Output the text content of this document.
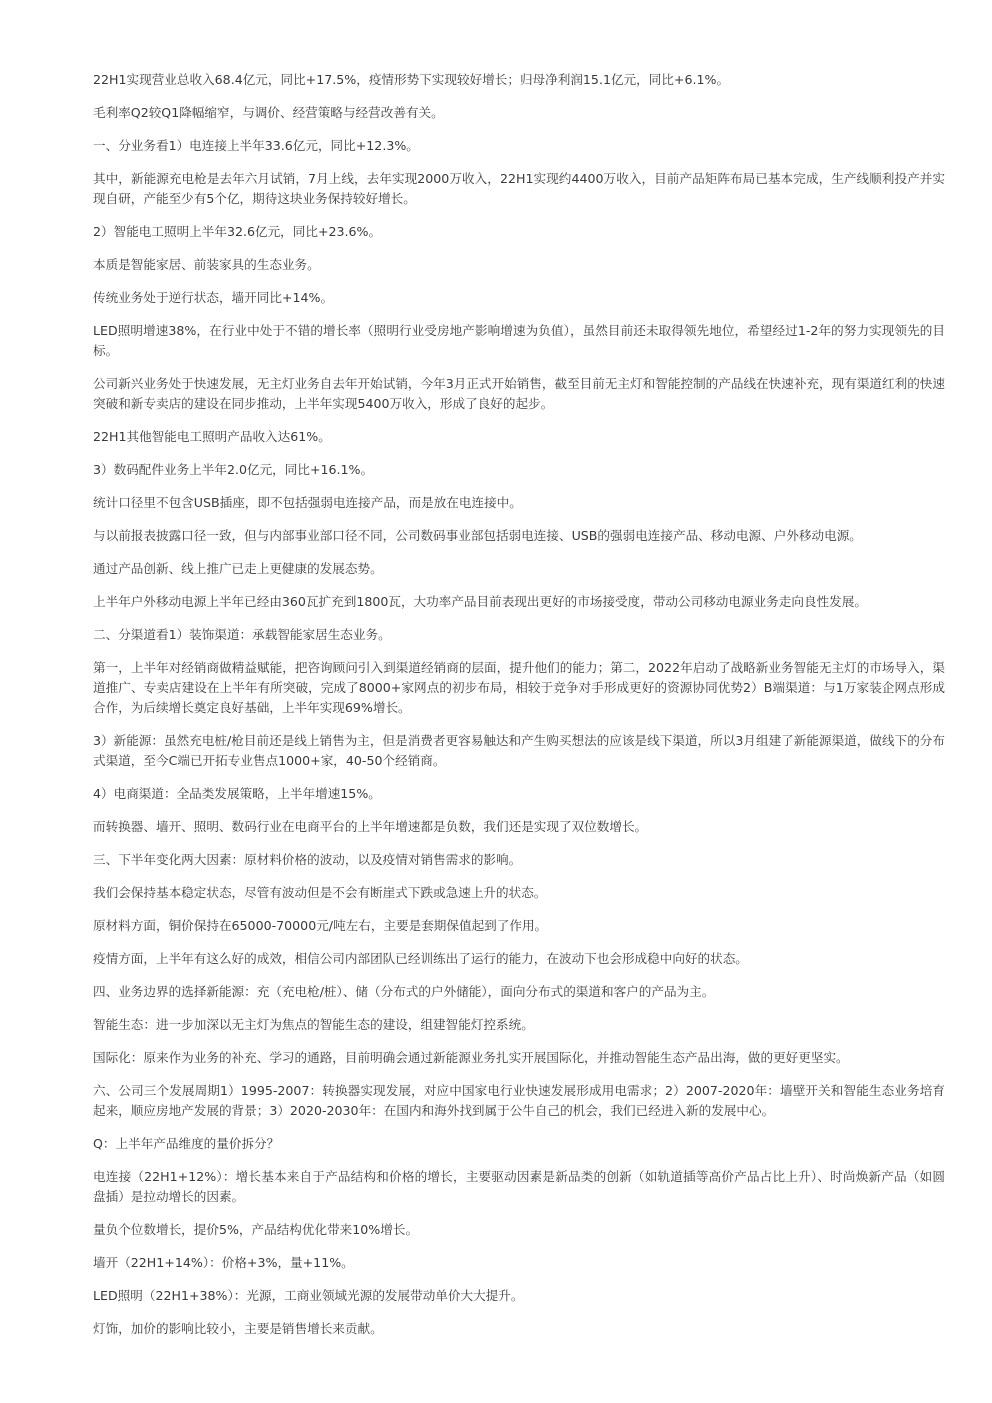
22H1实现营业总收入68.4亿元，同比+17.5%，疫情形势下实现较好增长；归母净利润15.1亿元，同比+6.1%。

毛利率Q2较Q1降幅缩窄，与调价、经营策略与经营改善有关。

一、分业务看1）电连接上半年33.6亿元，同比+12.3%。

其中，新能源充电枪是去年六月试销，7月上线，去年实现2000万收入，22H1实现约4400万收入，目前产品矩阵布局已基本完成，生产线顺利投产并实现自研，产能至少有5个亿，期待这块业务保持较好增长。

2）智能电工照明上半年32.6亿元，同比+23.6%。

本质是智能家居、前装家具的生态业务。

传统业务处于逆行状态，墙开同比+14%。

LED照明增速38%，在行业中处于不错的增长率（照明行业受房地产影响增速为负值），虽然目前还未取得领先地位，希望经过1-2年的努力实现领先的目标。

公司新兴业务处于快速发展，无主灯业务自去年开始试销，今年3月正式开始销售，截至目前无主灯和智能控制的产品线在快速补充，现有渠道红利的快速突破和新专卖店的建设在同步推动，上半年实现5400万收入，形成了良好的起步。

22H1其他智能电工照明产品收入达61%。

3）数码配件业务上半年2.0亿元，同比+16.1%。

统计口径里不包含USB插座，即不包括强弱电连接产品，而是放在电连接中。

与以前报表披露口径一致，但与内部事业部口径不同，公司数码事业部包括弱电连接、USB的强弱电连接产品、移动电源、户外移动电源。

通过产品创新、线上推广已走上更健康的发展态势。

上半年户外移动电源上半年已经由360瓦扩充到1800瓦，大功率产品目前表现出更好的市场接受度，带动公司移动电源业务走向良性发展。

二、分渠道看1）装饰渠道：承载智能家居生态业务。

第一，上半年对经销商做精益赋能，把咨询顾问引入到渠道经销商的层面，提升他们的能力；第二，2022年启动了战略新业务智能无主灯的市场导入，渠道推广、专卖店建设在上半年有所突破，完成了8000+家网点的初步布局，相较于竞争对手形成更好的资源协同优势2）B端渠道：与1万家装企网点形成合作，为后续增长奠定良好基础，上半年实现69%增长。

3）新能源：虽然充电桩/枪目前还是线上销售为主，但是消费者更容易触达和产生购买想法的应该是线下渠道，所以3月组建了新能源渠道，做线下的分布式渠道，至今C端已开拓专业售点1000+家，40-50个经销商。

4）电商渠道：全品类发展策略，上半年增速15%。

而转换器、墙开、照明、数码行业在电商平台的上半年增速都是负数，我们还是实现了双位数增长。

三、下半年变化两大因素：原材料价格的波动，以及疫情对销售需求的影响。

我们会保持基本稳定状态，尽管有波动但是不会有断崖式下跌或急速上升的状态。

原材料方面，铜价保持在65000-70000元/吨左右，主要是套期保值起到了作用。

疫情方面，上半年有这么好的成效，相信公司内部团队已经训练出了运行的能力，在波动下也会形成稳中向好的状态。

四、业务边界的选择新能源：充（充电枪/桩）、储（分布式的户外储能），面向分布式的渠道和客户的产品为主。

智能生态：进一步加深以无主灯为焦点的智能生态的建设，组建智能灯控系统。

国际化：原来作为业务的补充、学习的通路，目前明确会通过新能源业务扎实开展国际化，并推动智能生态产品出海，做的更好更坚实。

六、公司三个发展周期1）1995-2007：转换器实现发展，对应中国家电行业快速发展形成用电需求；2）2007-2020年：墙壁开关和智能生态业务培育起来，顺应房地产发展的背景；3）2020-2030年：在国内和海外找到属于公牛自己的机会，我们已经进入新的发展中心。

Q：上半年产品维度的量价拆分？

电连接（22H1+12%）：增长基本来自于产品结构和价格的增长，主要驱动因素是新品类的创新（如轨道插等高价产品占比上升）、时尚焕新产品（如圆盘插）是拉动增长的因素。

量负个位数增长，提价5%，产品结构优化带来10%增长。

墙开（22H1+14%）：价格+3%，量+11%。

LED照明（22H1+38%）：光源，工商业领域光源的发展带动单价大大提升。

灯饰，加价的影响比较小，主要是销售增长来贡献。
